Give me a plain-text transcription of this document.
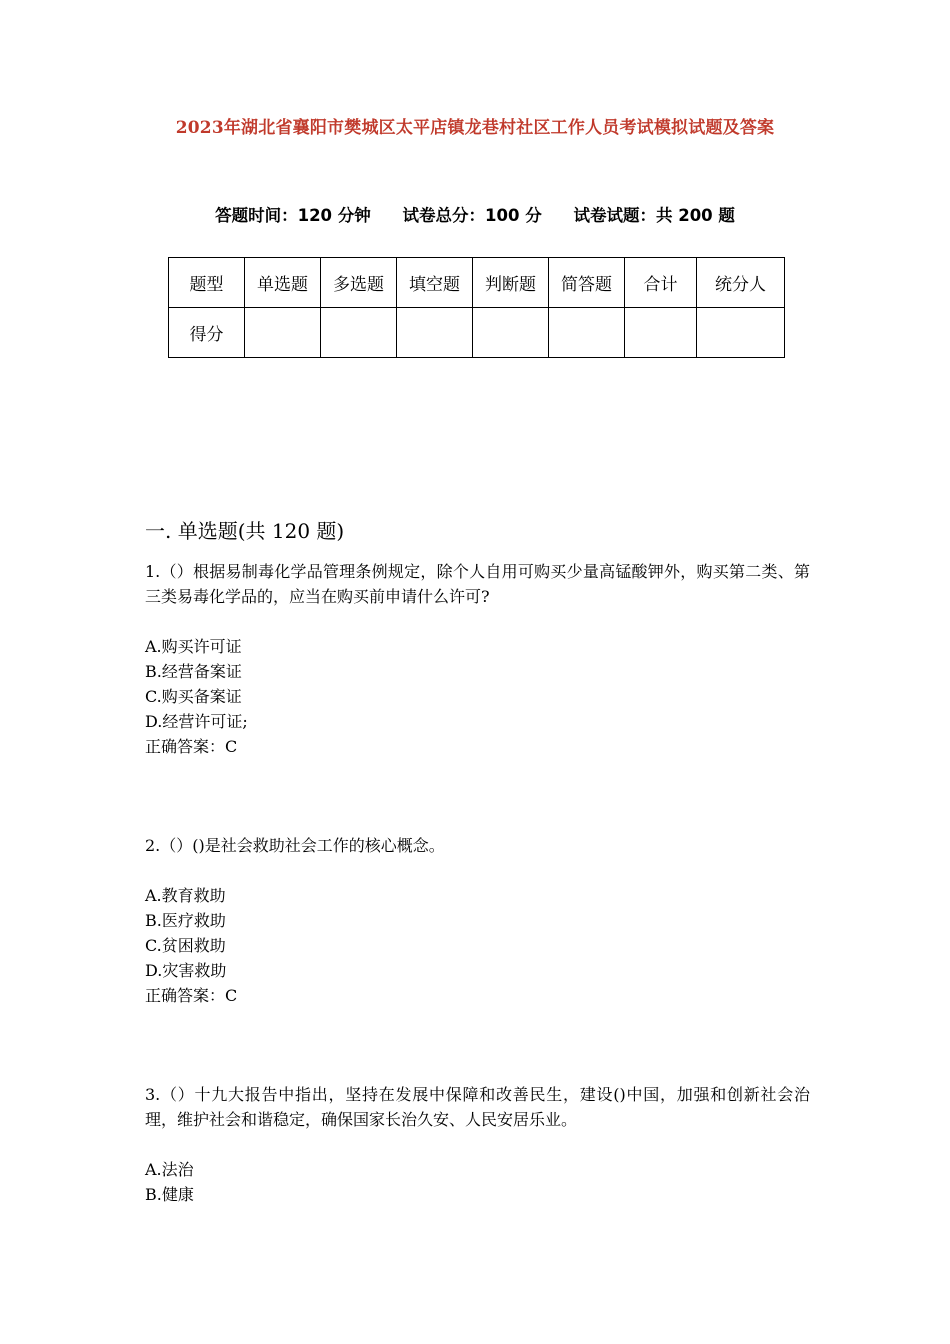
2023年湖北省襄阳市樊城区太平店镇龙巷村社区工作人员考试模拟试题及答案
答题时间：120 分钟 试卷总分：100 分 试卷试题：共 200 题
题型	单选题	多选题	填空题	判断题	简答题	合计	统分人
得分							
一. 单选题(共 120 题)
1.（）根据易制毒化学品管理条例规定，除个人自用可购买少量高锰酸钾外，购买第二类、第三类易毒化学品的，应当在购买前申请什么许可?
A.购买许可证
B.经营备案证
C.购买备案证
D.经营许可证;
正确答案：C
2.（）()是社会救助社会工作的核心概念。
A.教育救助
B.医疗救助
C.贫困救助
D.灾害救助
正确答案：C
3.（）十九大报告中指出，坚持在发展中保障和改善民生，建设()中国，加强和创新社会治理，维护社会和谐稳定，确保国家长治久安、人民安居乐业。
A.法治
B.健康
